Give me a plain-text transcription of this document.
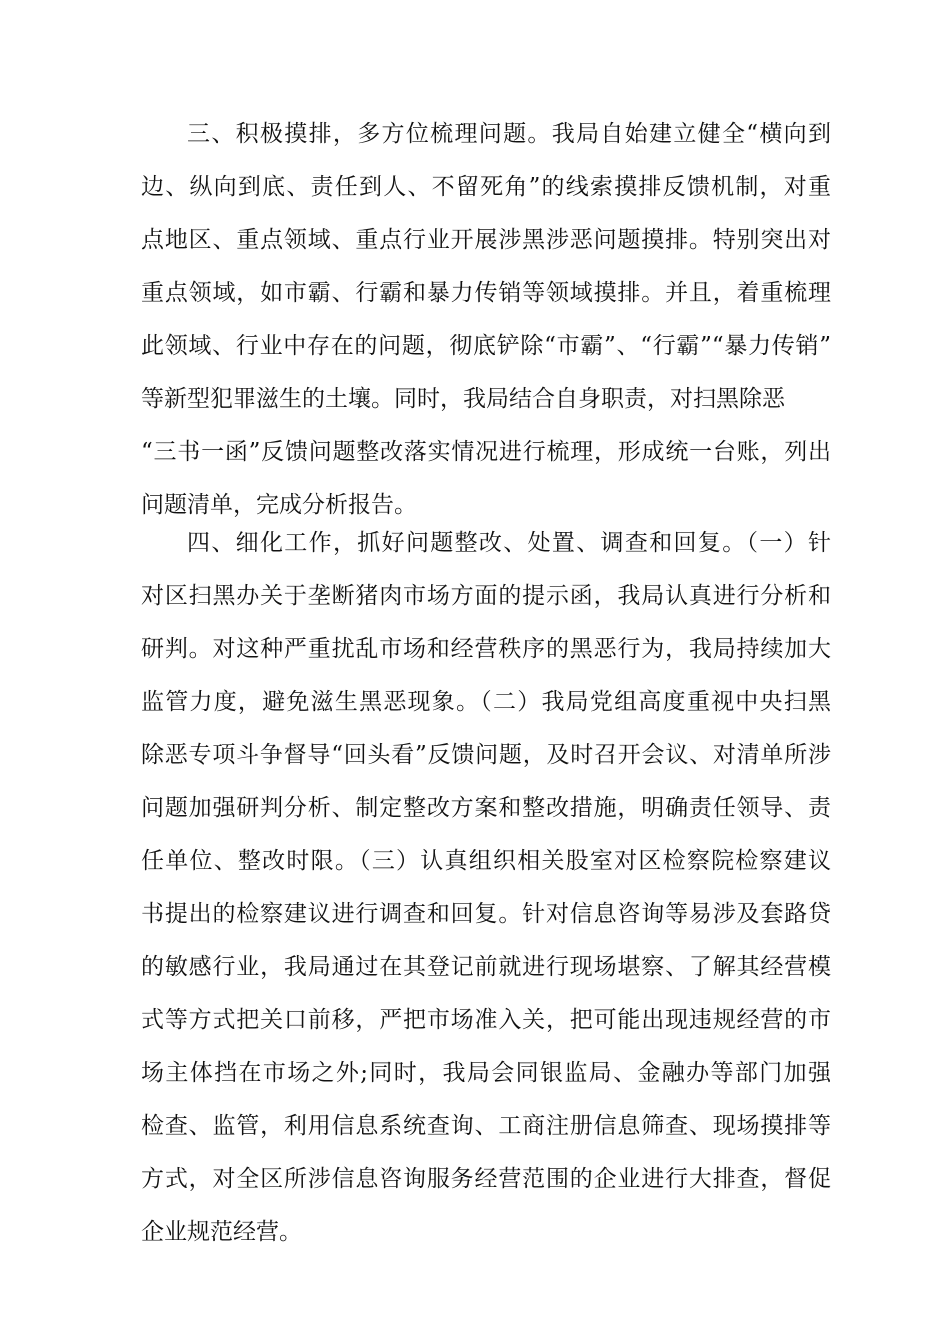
三、积极摸排，多方位梳理问题。我局自始建立健全“横向到
边、纵向到底、责任到人、不留死角”的线索摸排反馈机制，对重
点地区、重点领域、重点行业开展涉黑涉恶问题摸排。特别突出对
重点领域，如市霸、行霸和暴力传销等领域摸排。并且，着重梳理
此领域、行业中存在的问题，彻底铲除“市霸”、“行霸”“暴力传销”
等新型犯罪滋生的土壤。同时，我局结合自身职责，对扫黑除恶
“三书一函”反馈问题整改落实情况进行梳理，形成统一台账，列出
问题清单，完成分析报告。
四、细化工作，抓好问题整改、处置、调查和回复。（一）针
对区扫黑办关于垄断猪肉市场方面的提示函，我局认真进行分析和
研判。对这种严重扰乱市场和经营秩序的黑恶行为，我局持续加大
监管力度，避免滋生黑恶现象。（二）我局党组高度重视中央扫黑
除恶专项斗争督导“回头看”反馈问题，及时召开会议、对清单所涉
问题加强研判分析、制定整改方案和整改措施，明确责任领导、责
任单位、整改时限。（三）认真组织相关股室对区检察院检察建议
书提出的检察建议进行调查和回复。针对信息咨询等易涉及套路贷
的敏感行业，我局通过在其登记前就进行现场堪察、了解其经营模
式等方式把关口前移，严把市场准入关，把可能出现违规经营的市
场主体挡在市场之外;同时，我局会同银监局、金融办等部门加强
检查、监管，利用信息系统查询、工商注册信息筛查、现场摸排等
方式，对全区所涉信息咨询服务经营范围的企业进行大排查，督促
企业规范经营。
